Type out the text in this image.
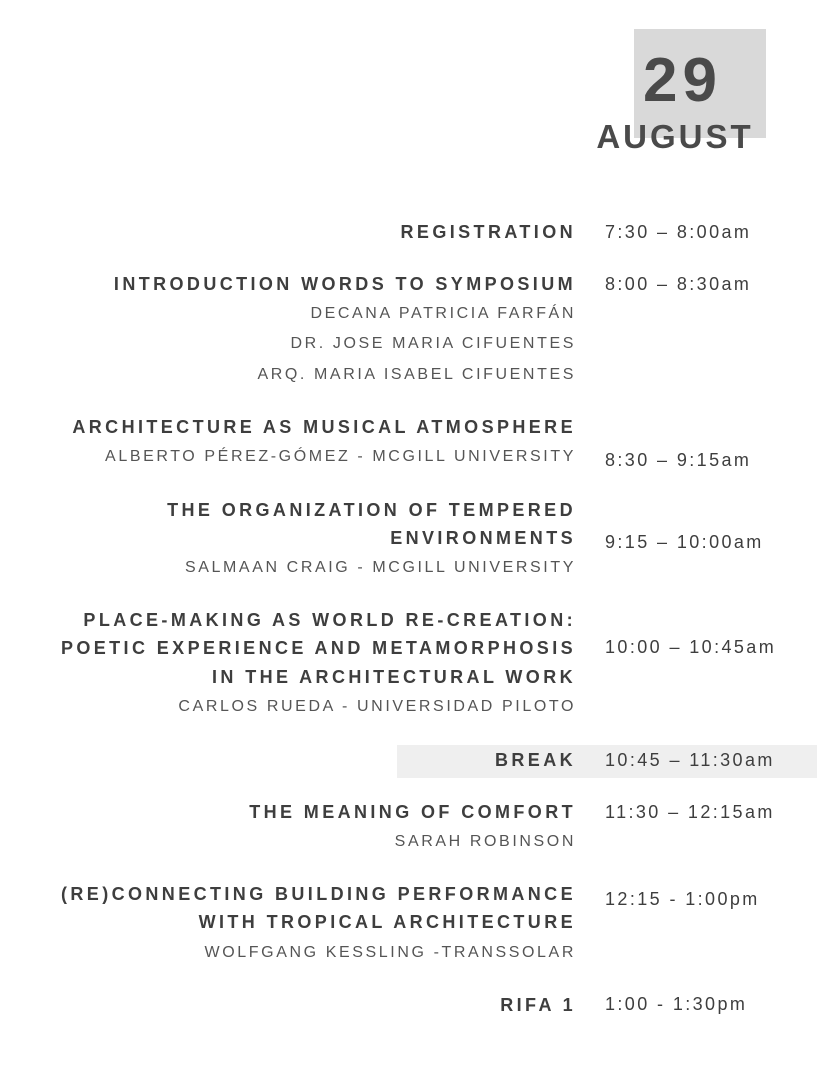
29
AUGUST
REGISTRATION 7:30 – 8:00am
INTRODUCTION WORDS TO SYMPOSIUM
DECANA PATRICIA FARFÁN
DR. JOSE MARIA CIFUENTES
ARQ. MARIA ISABEL CIFUENTES
8:00 – 8:30am
ARCHITECTURE AS MUSICAL ATMOSPHERE
ALBERTO PÉREZ-GÓMEZ - MCGILL UNIVERSITY 8:30 – 9:15am
THE ORGANIZATION OF TEMPERED
ENVIRONMENTS
SALMAAN CRAIG - MCGILL UNIVERSITY
9:15 – 10:00am
PLACE-MAKING AS WORLD RE-CREATION:
POETIC EXPERIENCE AND METAMORPHOSIS
IN THE ARCHITECTURAL WORK
CARLOS RUEDA - UNIVERSIDAD PILOTO
10:00 – 10:45am
BREAK 10:45 – 11:30am
THE MEANING OF COMFORT
SARAH ROBINSON
11:30 – 12:15am
(RE)CONNECTING BUILDING PERFORMANCE
WITH TROPICAL ARCHITECTURE
WOLFGANG KESSLING -TRANSSOLAR
12:15 - 1:00pm
RIFA 1 1:00 - 1:30pm
